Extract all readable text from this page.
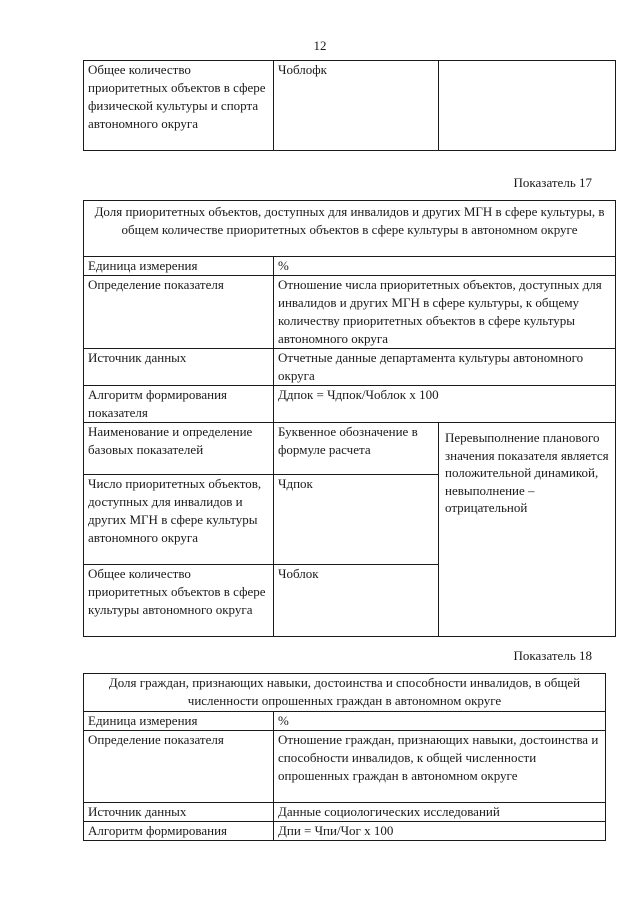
12
Общее количество приоритетных объектов в сфере физической культуры и спорта автономного округа	Чоблофк	
Показатель 17
Доля приоритетных объектов, доступных для инвалидов и других МГН в сфере культуры, в общем количестве приоритетных объектов в сфере культуры в автономном округе		
Единица измерения	%	
Определение показателя	Отношение числа приоритетных объектов, доступных для инвалидов и других МГН в сфере культуры, к общему количеству приоритетных объектов в сфере культуры автономного округа	
Источник данных	Отчетные данные департамента культуры автономного округа	
Алгоритм формирования показателя	Ддпок = Чдпок/Чоблок x 100	
Наименование и определение базовых показателей	Буквенное обозначение в формуле расчета	Перевыполнение планового значения показателя является положительной динамикой, невыполнение – отрицательной
Число приоритетных объектов, доступных для инвалидов и других МГН в сфере культуры автономного округа	Чдпок	
Общее количество приоритетных объектов в сфере культуры автономного округа	Чоблок	
Показатель 18
Доля граждан, признающих навыки, достоинства и способности инвалидов, в общей численности опрошенных граждан в автономном округе	
Единица измерения	%
Определение показателя	Отношение граждан, признающих навыки, достоинства и способности инвалидов, к общей численности опрошенных граждан в автономном округе
Источник данных	Данные социологических исследований
Алгоритм формирования	Дпи = Чпи/Чог x 100
